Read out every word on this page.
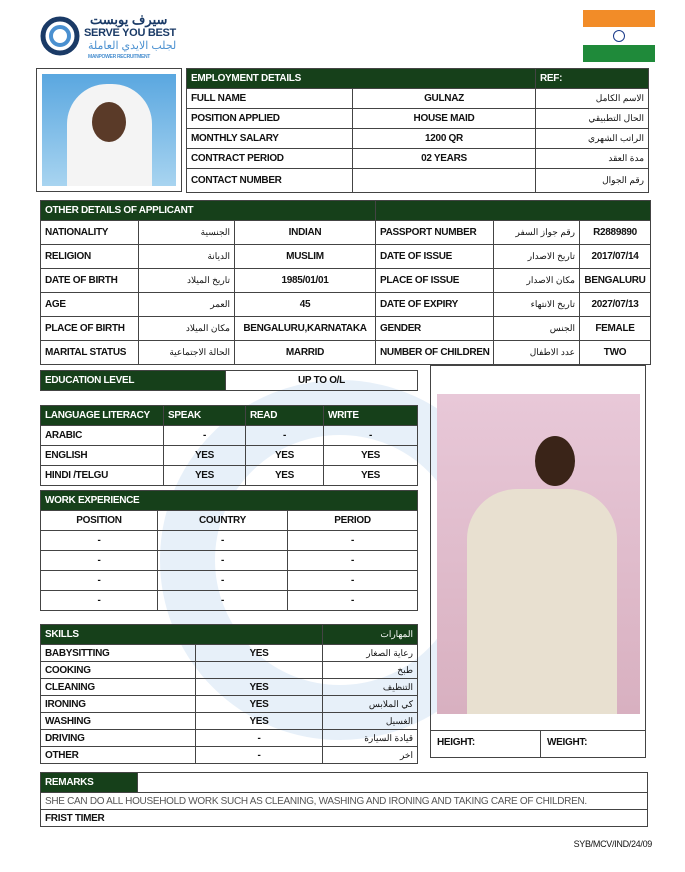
سيرف يوبست
SERVE YOU BEST
لجلب الايدي العاملة
MANPOWER RECRUITMENT
EMPLOYMENT DETAILS		REF:
FULL NAME	GULNAZ	الاسم الكامل
POSITION APPLIED	HOUSE MAID	الحال التطبيقي
MONTHLY SALARY	1200 QR	الراتب الشهري
CONTRACT PERIOD	02 YEARS	مدة العقد
CONTACT NUMBER		رقم الجوال
OTHER DETAILS OF APPLICANT					
NATIONALITY	الجنسية	INDIAN	PASSPORT NUMBER	رقم جواز السفر	R2889890
RELIGION	الديانة	MUSLIM	DATE OF ISSUE	تاريخ الاصدار	2017/07/14
DATE OF BIRTH	تاريخ الميلاد	1985/01/01	PLACE OF ISSUE	مكان الاصدار	BENGALURU
AGE	العمر	45	DATE OF EXPIRY	تاريخ الانتهاء	2027/07/13
PLACE OF BIRTH	مكان الميلاد	BENGALURU,KARNATAKA	GENDER	الجنس	FEMALE
MARITAL STATUS	الحالة الاجتماعية	MARRID	NUMBER OF CHILDREN	عدد الاطفال	TWO
EDUCATION LEVEL	UP TO O/L
LANGUAGE LITERACY	SPEAK	READ	WRITE
ARABIC	-	-	-
ENGLISH	YES	YES	YES
HINDI /TELGU	YES	YES	YES
WORK EXPERIENCE		
POSITION	COUNTRY	PERIOD
-	-	-
-	-	-
-	-	-
-	-	-
SKILLS		المهارات
BABYSITTING	YES	رعاية الصغار
COOKING		طبخ
CLEANING	YES	التنظيف
IRONING	YES	كي الملابس
WASHING	YES	الغسيل
DRIVING	-	قيادة السيارة
OTHER	-	اخر
HEIGHT:	WEIGHT:
REMARKS	
SHE CAN DO ALL HOUSEHOLD WORK SUCH AS CLEANING, WASHING AND IRONING AND TAKING CARE OF CHILDREN.
FRIST TIMER
SYB/MCV/IND/24/09
